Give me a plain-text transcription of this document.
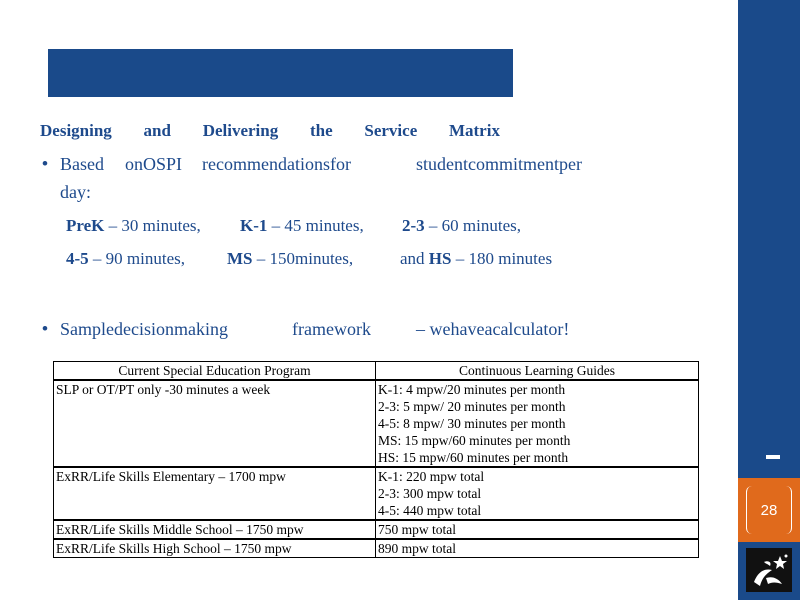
Designing and Delivering the Service Matrix
• Based onOSPI recommendationsfor	studentcommitmentper
day:
PreK – 30 minutes, K-1 – 45 minutes, 2-3 – 60 minutes,
4-5 – 90 minutes, MS – 150minutes,	and HS – 180 minutes
• Sampledecisionmaking	framework	– wehaveacalculator!
Current Special Education Program	Continuous Learning Guides
SLP or OT/PT only -30 minutes a week	K-1: 4 mpw/20 minutes per month
2-3: 5 mpw/ 20 minutes per month
4-5: 8 mpw/ 30 minutes per month
MS: 15 mpw/60 minutes per month
HS: 15 mpw/60 minutes per month

ExRR/Life Skills Elementary – 1700 mpw	K-1: 220 mpw total
2-3: 300 mpw total
4-5: 440 mpw total

ExRR/Life Skills Middle School – 1750 mpw	750 mpw total

ExRR/Life Skills High School – 1750 mpw	890 mpw total
28
